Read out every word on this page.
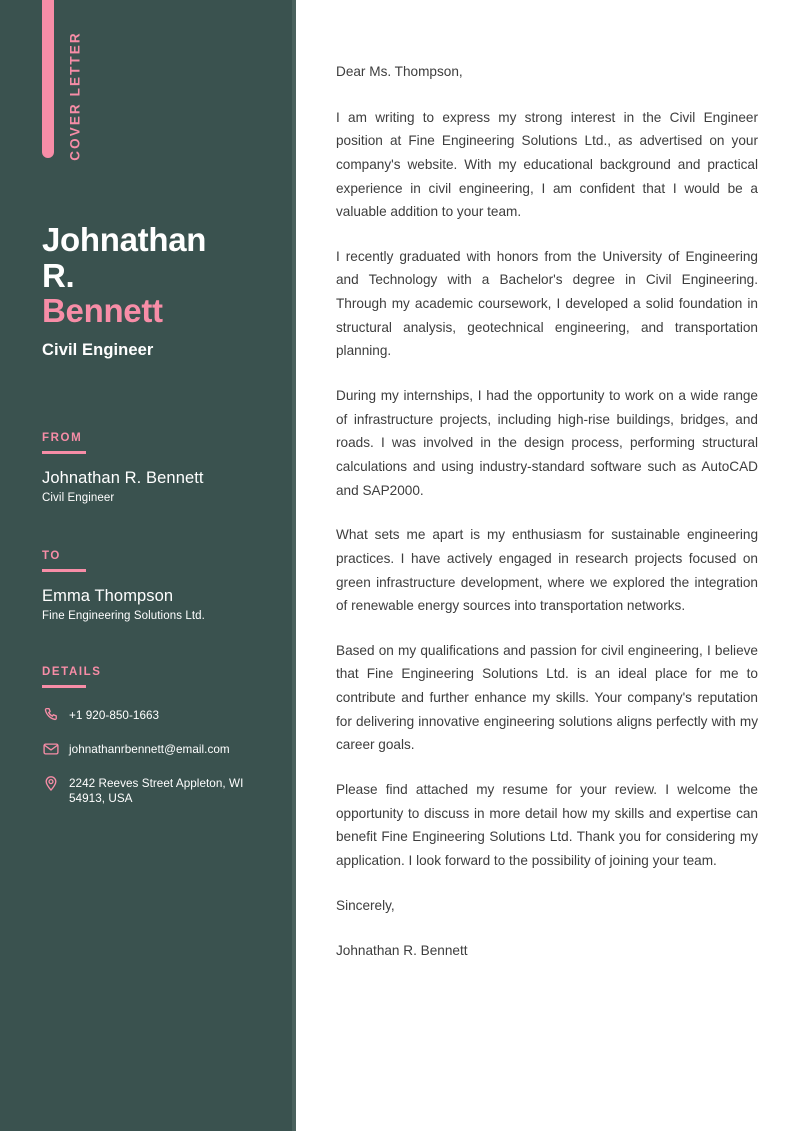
COVER LETTER
Johnathan
R.
Bennett
Civil Engineer
FROM
Johnathan R. Bennett
Civil Engineer
TO
Emma Thompson
Fine Engineering Solutions Ltd.
DETAILS
+1 920-850-1663
johnathanrbennett@email.com
2242 Reeves Street Appleton, WI 54913, USA

Dear Ms. Thompson,

I am writing to express my strong interest in the Civil Engineer position at Fine Engineering Solutions Ltd., as advertised on your company's website. With my educational background and practical experience in civil engineering, I am confident that I would be a valuable addition to your team.

I recently graduated with honors from the University of Engineering and Technology with a Bachelor's degree in Civil Engineering. Through my academic coursework, I developed a solid foundation in structural analysis, geotechnical engineering, and transportation planning.

During my internships, I had the opportunity to work on a wide range of infrastructure projects, including high-rise buildings, bridges, and roads. I was involved in the design process, performing structural calculations and using industry-standard software such as AutoCAD and SAP2000.

What sets me apart is my enthusiasm for sustainable engineering practices. I have actively engaged in research projects focused on green infrastructure development, where we explored the integration of renewable energy sources into transportation networks.

Based on my qualifications and passion for civil engineering, I believe that Fine Engineering Solutions Ltd. is an ideal place for me to contribute and further enhance my skills. Your company's reputation for delivering innovative engineering solutions aligns perfectly with my career goals.

Please find attached my resume for your review. I welcome the opportunity to discuss in more detail how my skills and expertise can benefit Fine Engineering Solutions Ltd. Thank you for considering my application. I look forward to the possibility of joining your team.

Sincerely,

Johnathan R. Bennett
